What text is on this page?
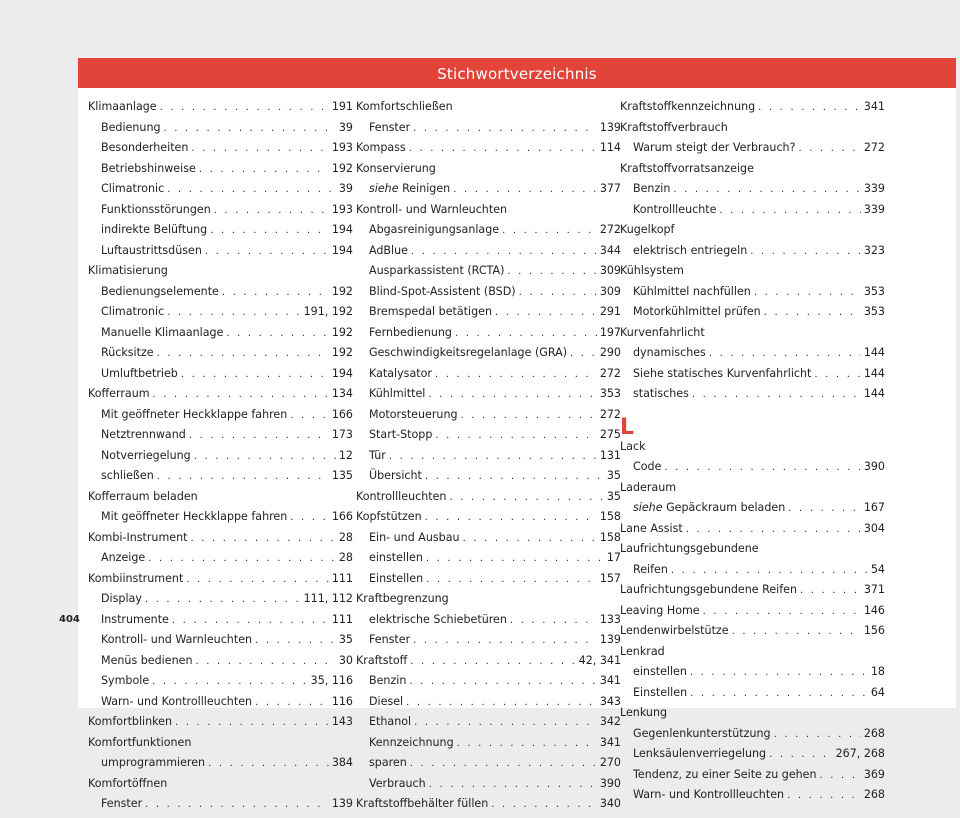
Stichwortverzeichnis
Klimaanlage . . .	191
Bedienung . . .	39
Besonderheiten . . .	193
Betriebshinweise . . .	192
Climatronic . . .	39
Funktionsstörungen . . .	193
indirekte Belüftung . . .	194
Luftaustrittsdüsen . . .	194
Klimatisierung
Bedienungselemente . . .	192
Climatronic . . .	191, 192
Manuelle Klimaanlage . . .	192
Rücksitze . . .	192
Umluftbetrieb . . .	194
Kofferraum . . .	134
Mit geöffneter Heckklappe fahren . . .	166
Netztrennwand . . .	173
Notverriegelung . . .	12
schließen . . .	135
Kofferraum beladen
Mit geöffneter Heckklappe fahren . . .	166
Kombi-Instrument . . .	28
Anzeige . . .	28
Kombiinstrument . . .	111
Display . . .	111, 112
Instrumente . . .	111
Kontroll- und Warnleuchten . . .	35
Menüs bedienen . . .	30
Symbole . . .	35, 116
Warn- und Kontrollleuchten . . .	116
Komfortblinken . . .	143
Komfortfunktionen
umprogrammieren . . .	384
Komfortöffnen
Fenster . . .	139
Komfortschließen
Fenster . . .	139
Kompass . . .	114
Konservierung
siehe Reinigen . . .	377
Kontroll- und Warnleuchten
Abgasreinigungsanlage . . .	272
AdBlue . . .	344
Ausparkassistent (RCTA) . . .	309
Blind-Spot-Assistent (BSD) . . .	309
Bremspedal betätigen . . .	291
Fernbedienung . . .	197
Geschwindigkeitsregelanlage (GRA) . . .	290
Katalysator . . .	272
Kühlmittel . . .	353
Motorsteuerung . . .	272
Start-Stopp . . .	275
Tür . . .	131
Übersicht . . .	35
Kontrollleuchten . . .	35
Kopfstützen . . .	158
Ein- und Ausbau . . .	158
einstellen . . .	17
Einstellen . . .	157
Kraftbegrenzung
elektrische Schiebetüren . . .	133
Fenster . . .	139
Kraftstoff . . .	42, 341
Benzin . . .	341
Diesel . . .	343
Ethanol . . .	342
Kennzeichnung . . .	341
sparen . . .	270
Verbrauch . . .	390
Kraftstoffbehälter füllen . . .	340
Kraftstoffkennzeichnung . . .	341
Kraftstoffverbrauch
Warum steigt der Verbrauch? . . .	272
Kraftstoffvorratsanzeige
Benzin . . .	339
Kontrollleuchte . . .	339
Kugelkopf
elektrisch entriegeln . . .	323
Kühlsystem
Kühlmittel nachfüllen . . .	353
Motorkühlmittel prüfen . . .	353
Kurvenfahrlicht
dynamisches . . .	144
Siehe statisches Kurvenfahrlicht . . .	144
statisches . . .	144
L
Lack
Code . . .	390
Laderaum
siehe Gepäckraum beladen . . .	167
Lane Assist . . .	304
Laufrichtungsgebundene
Reifen . . .	54
Laufrichtungsgebundene Reifen . . .	371
Leaving Home . . .	146
Lendenwirbelstütze . . .	156
Lenkrad
einstellen . . .	18
Einstellen . . .	64
Lenkung
Gegenlenkunterstützung . . .	268
Lenksäulenverriegelung . . .	267, 268
Tendenz, zu einer Seite zu gehen . . .	369
Warn- und Kontrollleuchten . . .	268
404
